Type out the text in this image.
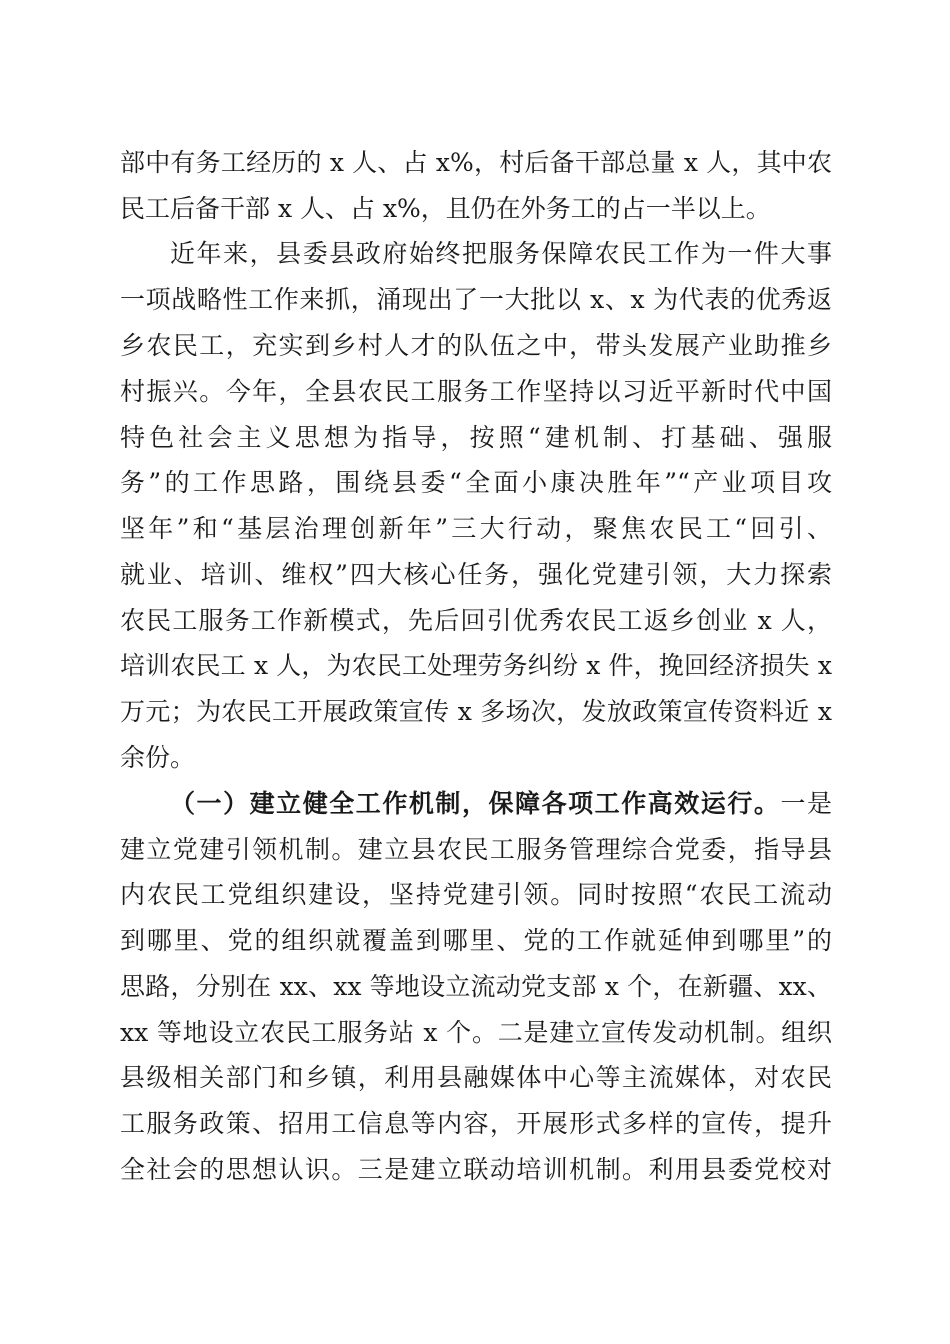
部中有务工经历的 x 人、占 x%，村后备干部总量 x 人，其中农
民工后备干部 x 人、占 x%，且仍在外务工的占一半以上。
近年来，县委县政府始终把服务保障农民工作为一件大事
一项战略性工作来抓，涌现出了一大批以 x、x 为代表的优秀返
乡农民工，充实到乡村人才的队伍之中，带头发展产业助推乡
村振兴。今年，全县农民工服务工作坚持以习近平新时代中国
特色社会主义思想为指导，按照“建机制、打基础、强服
务”的工作思路，围绕县委“全面小康决胜年”“产业项目攻
坚年”和“基层治理创新年”三大行动，聚焦农民工“回引、
就业、培训、维权”四大核心任务，强化党建引领，大力探索
农民工服务工作新模式，先后回引优秀农民工返乡创业 x 人，
培训农民工 x 人，为农民工处理劳务纠纷 x 件，挽回经济损失 x
万元；为农民工开展政策宣传 x 多场次，发放政策宣传资料近 x
余份。
（一）建立健全工作机制，保障各项工作高效运行。一是
建立党建引领机制。建立县农民工服务管理综合党委，指导县
内农民工党组织建设，坚持党建引领。同时按照“农民工流动
到哪里、党的组织就覆盖到哪里、党的工作就延伸到哪里”的
思路，分别在 xx、xx 等地设立流动党支部 x 个，在新疆、xx、
xx 等地设立农民工服务站 x 个。二是建立宣传发动机制。组织
县级相关部门和乡镇，利用县融媒体中心等主流媒体，对农民
工服务政策、招用工信息等内容，开展形式多样的宣传，提升
全社会的思想认识。三是建立联动培训机制。利用县委党校对
